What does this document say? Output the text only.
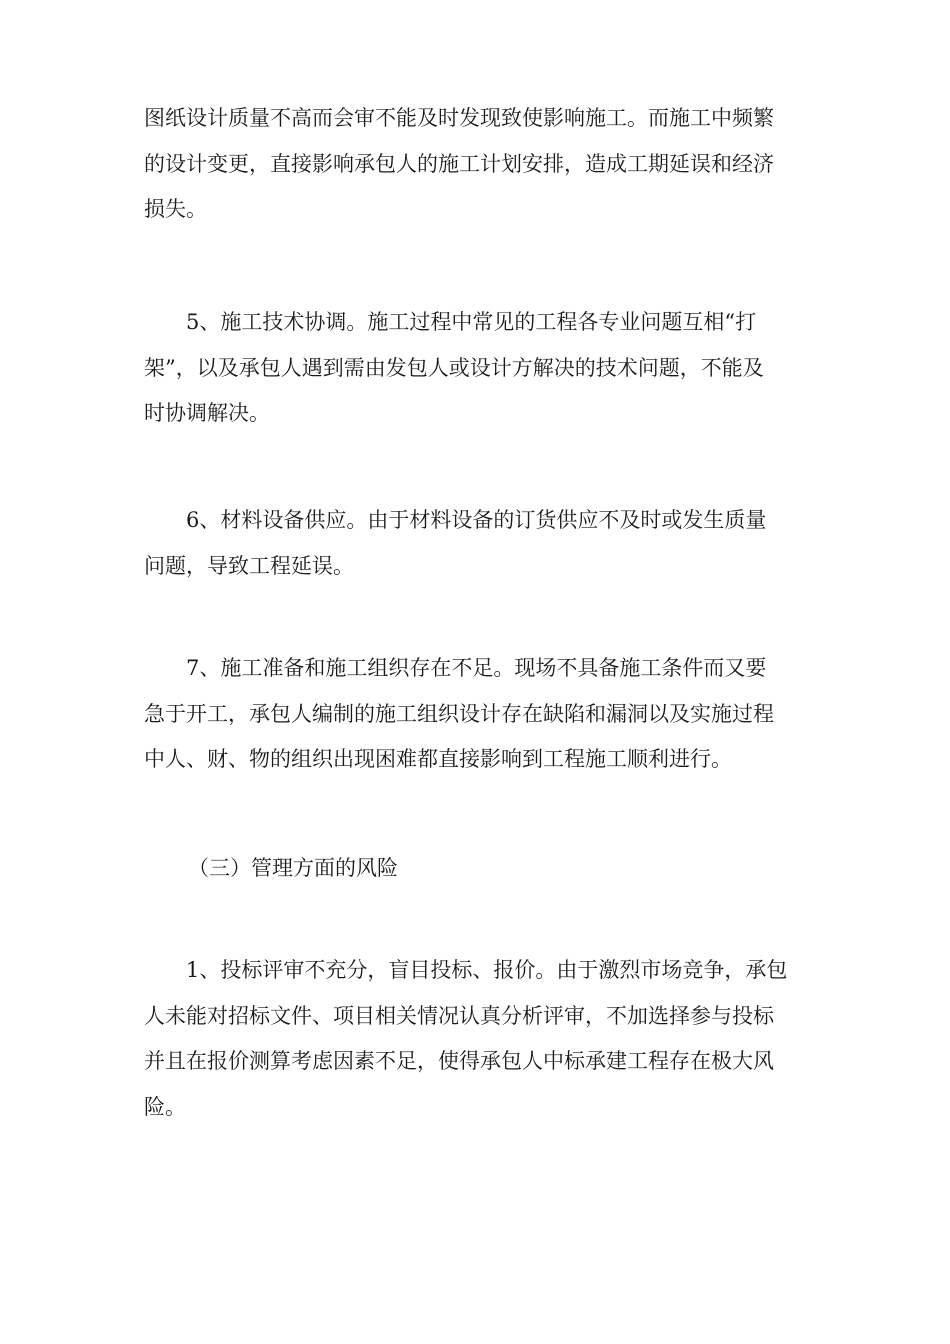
图纸设计质量不高而会审不能及时发现致使影响施工。而施工中频繁
的设计变更，直接影响承包人的施工计划安排，造成工期延误和经济
损失。

5、施工技术协调。施工过程中常见的工程各专业问题互相“打
架”，以及承包人遇到需由发包人或设计方解决的技术问题，不能及
时协调解决。

6、材料设备供应。由于材料设备的订货供应不及时或发生质量
问题，导致工程延误。

7、施工准备和施工组织存在不足。现场不具备施工条件而又要
急于开工，承包人编制的施工组织设计存在缺陷和漏洞以及实施过程
中人、财、物的组织出现困难都直接影响到工程施工顺利进行。

（三）管理方面的风险

1、投标评审不充分，盲目投标、报价。由于激烈市场竞争，承包
人未能对招标文件、项目相关情况认真分析评审，不加选择参与投标
并且在报价测算考虑因素不足，使得承包人中标承建工程存在极大风
险。
